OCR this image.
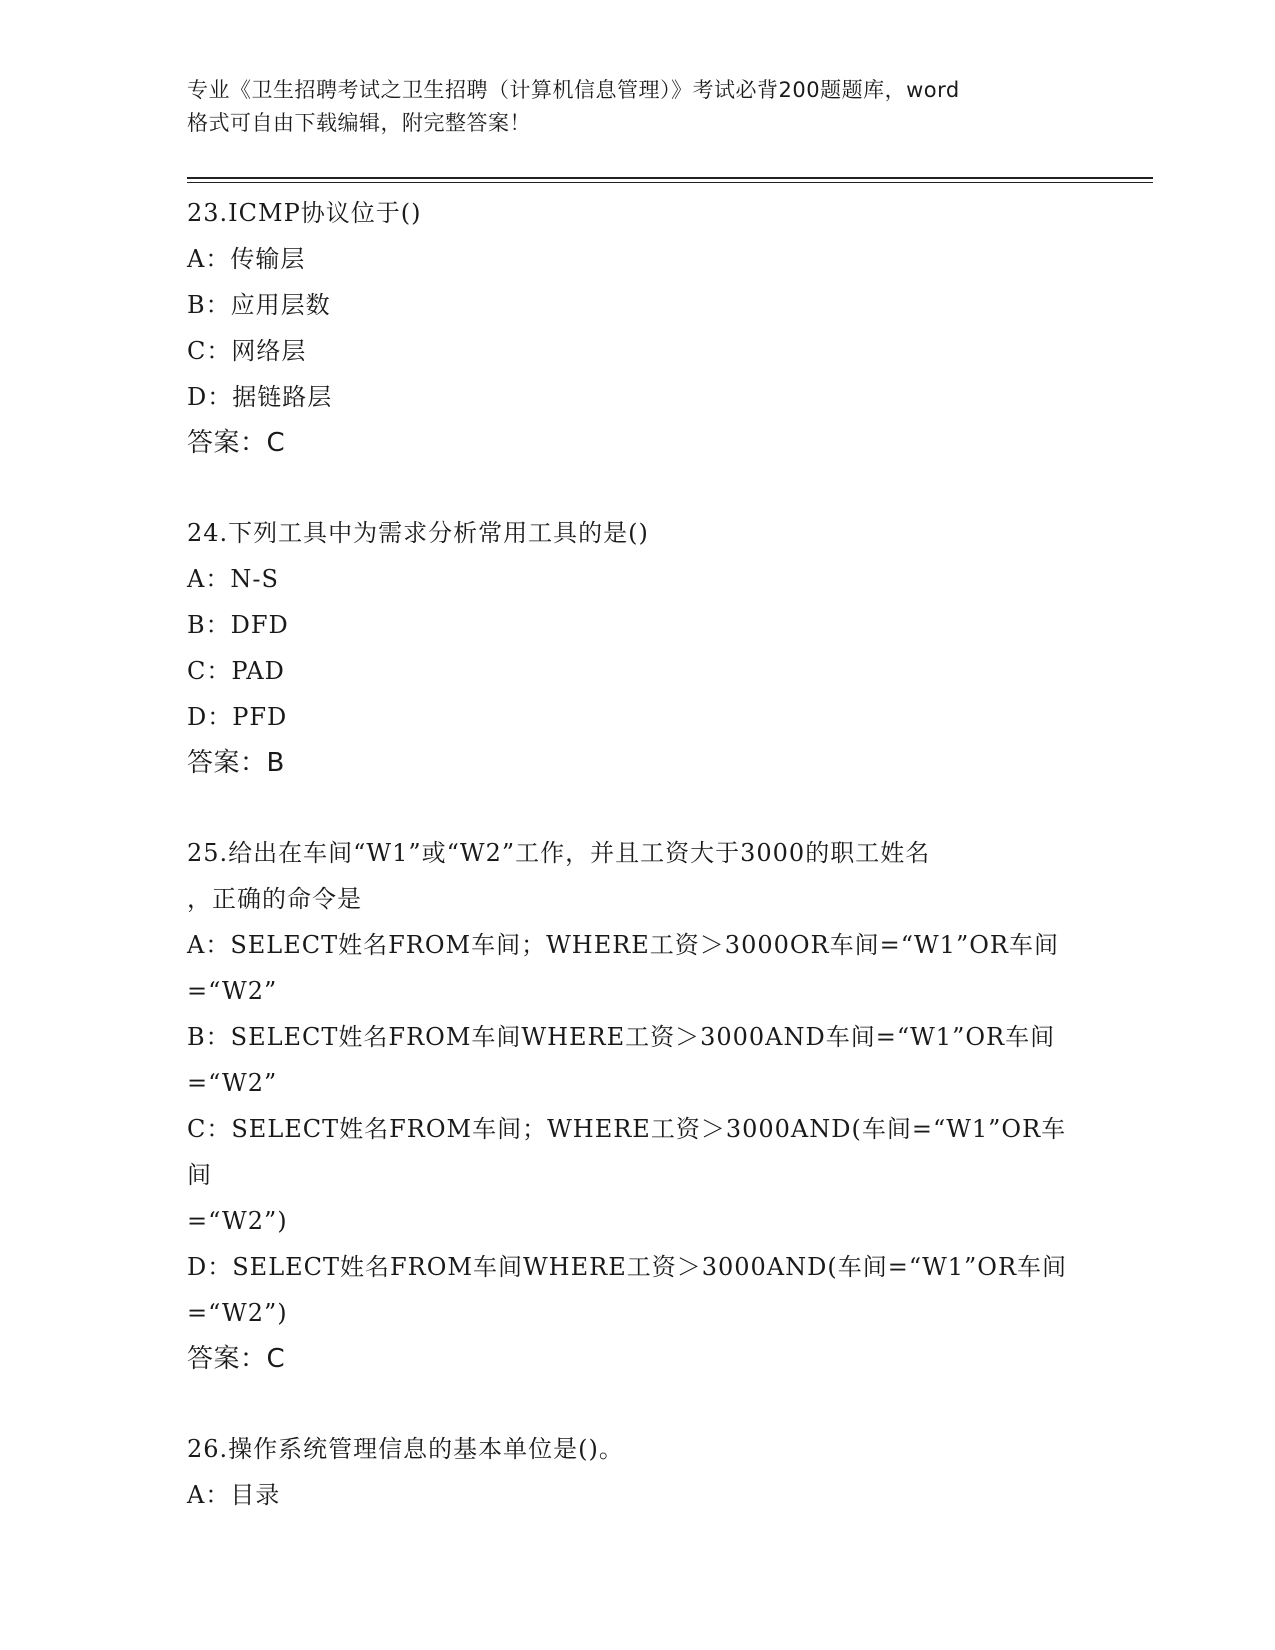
专业《卫生招聘考试之卫生招聘（计算机信息管理）》考试必背200题题库，word
格式可自由下载编辑，附完整答案！

23.ICMP协议位于()

A：传输层

B：应用层数

C：网络层

D：据链路层

答案：C

24.下列工具中为需求分析常用工具的是()

A：N-S

B：DFD

C：PAD

D：PFD

答案：B

25.给出在车间“W1”或“W2”工作，并且工资大于3000的职工姓名

，正确的命令是

A：SELECT姓名FROM车间；WHERE工资＞3000OR车间=“W1”OR车间

=“W2”

B：SELECT姓名FROM车间WHERE工资＞3000AND车间=“W1”OR车间

=“W2”

C：SELECT姓名FROM车间；WHERE工资＞3000AND(车间=“W1”OR车间

=“W2”)

D：SELECT姓名FROM车间WHERE工资＞3000AND(车间=“W1”OR车间

=“W2”)

答案：C

26.操作系统管理信息的基本单位是()。

A：目录
